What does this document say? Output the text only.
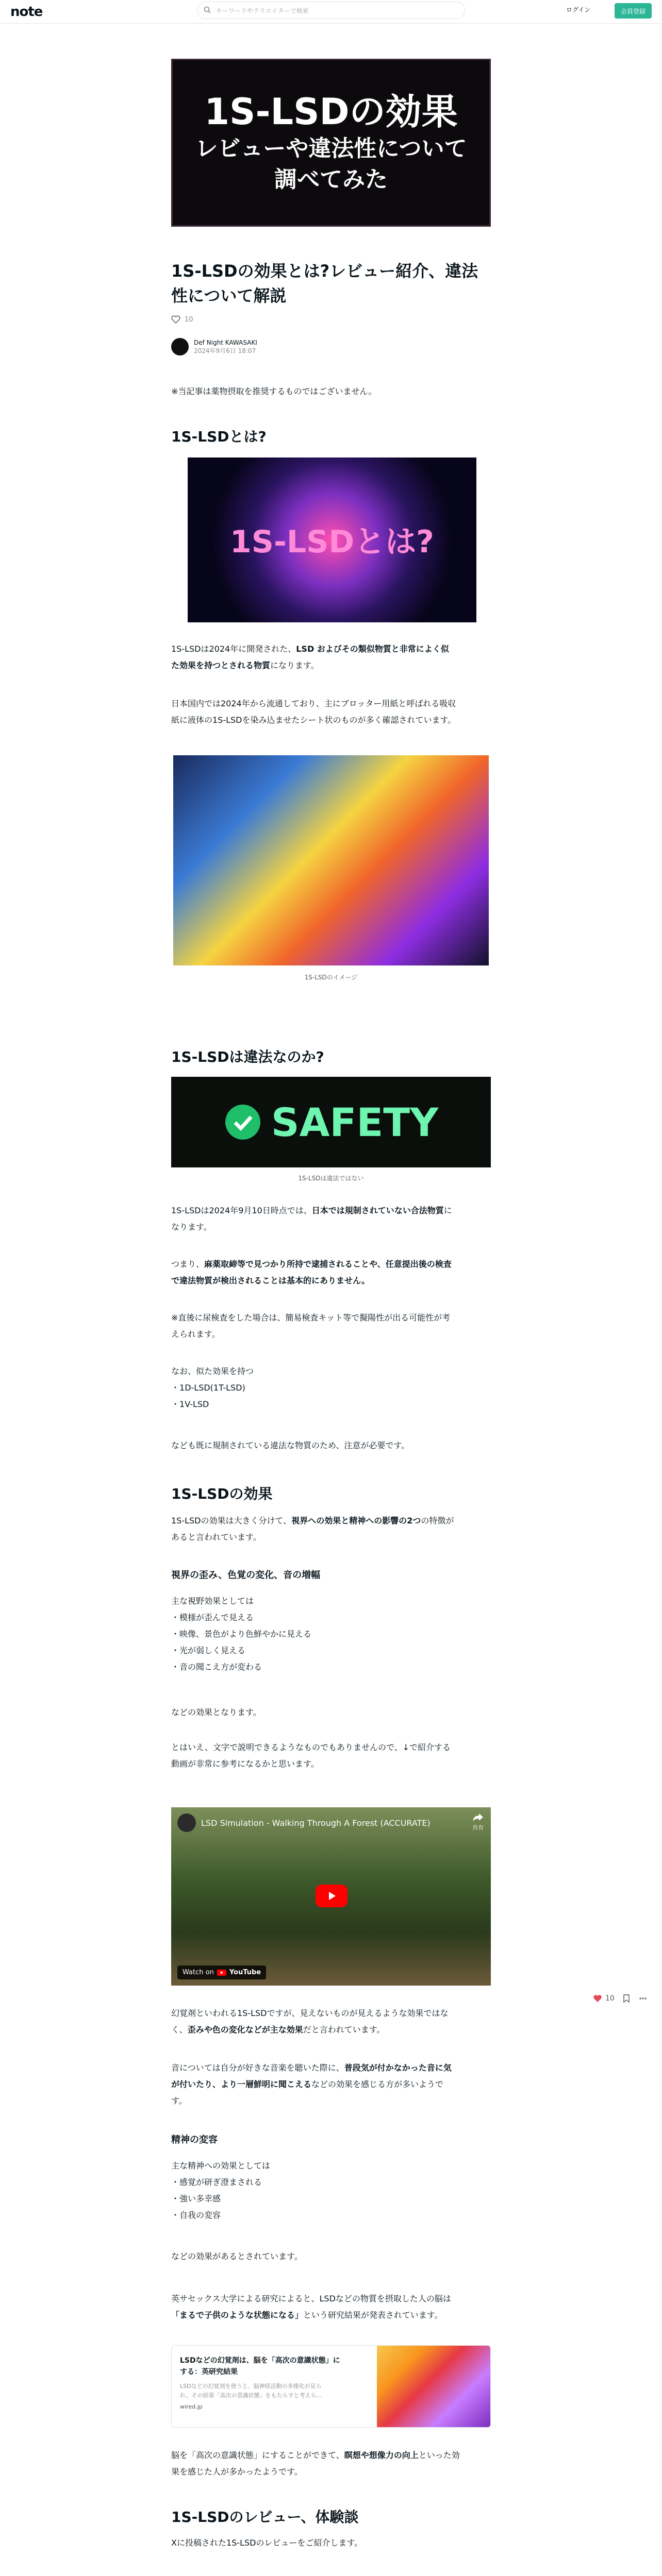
note	キーワードやクリエイターで検索	ログイン	会員登録
1S-LSDの効果
レビューや違法性について
調べてみた
1S-LSDの効果とは?レビュー紹介、違法
性について解説
10
Def Night KAWASAKI
2024年9月6日 18:07
※当記事は薬物摂取を推奨するものではございません。
1S-LSDとは?
1S-LSDとは?
1S-LSDは2024年に開発された、LSD およびその類似物質と非常によく似
た効果を持つとされる物質になります。
日本国内では2024年から流通しており、主にブロッター用紙と呼ばれる吸収
紙に液体の1S-LSDを染み込ませたシート状のものが多く確認されています。
1S-LSDのイメージ
1S-LSDは違法なのか?
SAFETY
1S-LSDは違法ではない
1S-LSDは2024年9月10日時点では、日本では規制されていない合法物質に
なります。
つまり、麻薬取締等で見つかり所持で逮捕されることや、任意提出後の検査
で違法物質が検出されることは基本的にありません。
※直後に尿検査をした場合は、簡易検査キット等で擬陽性が出る可能性が考
えられます。
なお、似た効果を持つ
・1D-LSD(1T-LSD)
・1V-LSD
なども既に規制されている違法な物質のため、注意が必要です。
1S-LSDの効果
1S-LSDの効果は大きく分けて、視界への効果と精神への影響の2つの特徴が
あると言われています。
視界の歪み、色覚の変化、音の増幅
主な視野効果としては
・模様が歪んで見える
・映像、景色がより色鮮やかに見える
・光が弱しく見える
・音の聞こえ方が変わる
などの効果となります。
とはいえ、文字で説明できるようなものでもありませんので、↓で紹介する
動画が非常に参考になるかと思います。
LSD Simulation - Walking Through A Forest (ACCURATE)	共有
Watch on YouTube
幻覚剤といわれる1S-LSDですが、見えないものが見えるような効果ではな
く、歪みや色の変化などが主な効果だと言われています。
音については自分が好きな音楽を聴いた際に、普段気が付かなかった音に気
が付いたり、より一層鮮明に聞こえるなどの効果を感じる方が多いようで
す。
精神の変容
主な精神への効果としては
・感覚が研ぎ澄まされる
・強い多幸感
・自我の変容
などの効果があるとされています。
英サセックス大学による研究によると、LSDなどの物質を摂取した人の脳は
「まるで子供のような状態になる」という研究結果が発表されています。
LSDなどの幻覚剤は、脳を「高次の意識状態」に
する：英研究結果
LSDなどの幻覚剤を使うと、脳神経活動の多様化が見ら
れ、その結果「高次の意識状態」をもたらすと考えら...
wired.jp
脳を「高次の意識状態」にすることができて、瞑想や想像力の向上といった効
果を感じた人が多かったようです。
1S-LSDのレビュー、体験談
Xに投稿された1S-LSDのレビューをご紹介します。
10
